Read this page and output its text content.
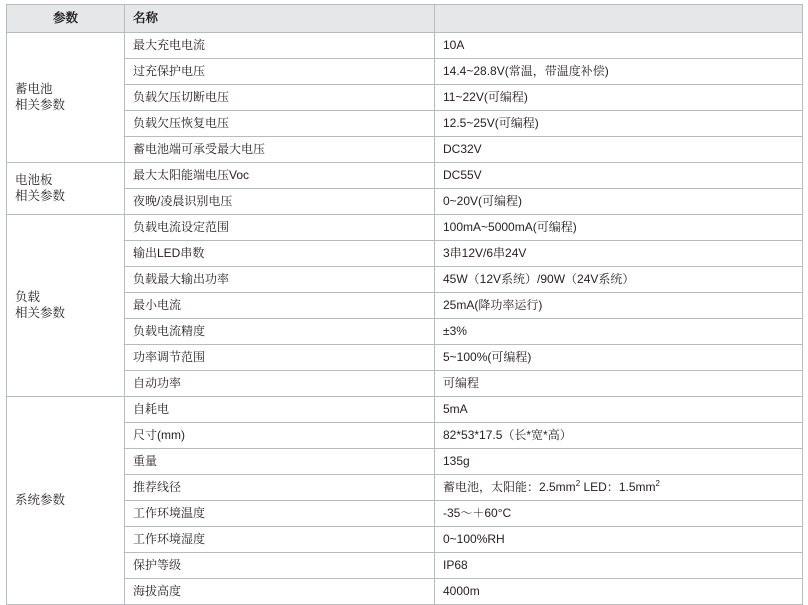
参数	名称	
蓄电池
相关参数	最大充电电流	10A
	过充保护电压	14.4~28.8V(常温，带温度补偿)
	负载欠压切断电压	11~22V(可编程)
	负载欠压恢复电压	12.5~25V(可编程)
	蓄电池端可承受最大电压	DC32V
电池板
相关参数	最大太阳能端电压Voc	DC55V
	夜晚/凌晨识别电压	0~20V(可编程)
负载
相关参数	负载电流设定范围	100mA~5000mA(可编程)
	输出LED串数	3串12V/6串24V
	负载最大输出功率	45W（12V系统）/90W（24V系统）
	最小电流	25mA(降功率运行)
	负载电流精度	±3%
	功率调节范围	5~100%(可编程)
	自动功率	可编程
系统参数	自耗电	5mA
	尺寸(mm)	82*53*17.5（长*宽*高）
	重量	135g
	推荐线径	蓄电池，太阳能：$2.5mm^2$ LED：$1.5mm^2$
	工作环境温度	-35～＋60°C
	工作环境湿度	0~100%RH
	保护等级	IP68
	海拔高度	4000m
